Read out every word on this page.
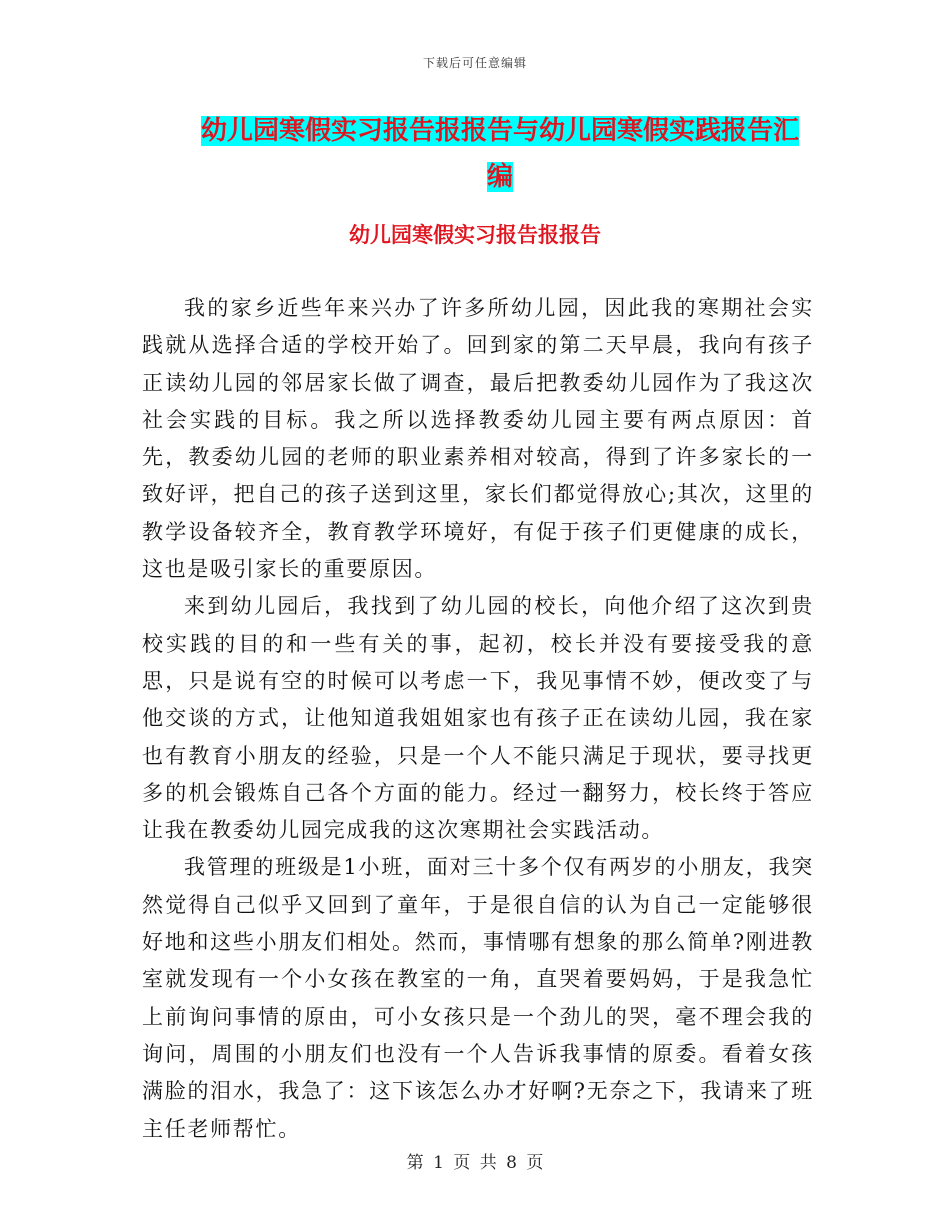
下载后可任意编辑
幼儿园寒假实习报告报报告与幼儿园寒假实践报告汇编
幼儿园寒假实习报告报报告

我的家乡近些年来兴办了许多所幼儿园，因此我的寒期社会实践就从选择合适的学校开始了。回到家的第二天早晨，我向有孩子正读幼儿园的邻居家长做了调查，最后把教委幼儿园作为了我这次社会实践的目标。我之所以选择教委幼儿园主要有两点原因：首先，教委幼儿园的老师的职业素养相对较高，得到了许多家长的一致好评，把自己的孩子送到这里，家长们都觉得放心;其次，这里的教学设备较齐全，教育教学环境好，有促于孩子们更健康的成长，这也是吸引家长的重要原因。

来到幼儿园后，我找到了幼儿园的校长，向他介绍了这次到贵校实践的目的和一些有关的事，起初，校长并没有要接受我的意思，只是说有空的时候可以考虑一下，我见事情不妙，便改变了与他交谈的方式，让他知道我姐姐家也有孩子正在读幼儿园，我在家也有教育小朋友的经验，只是一个人不能只满足于现状，要寻找更多的机会锻炼自己各个方面的能力。经过一翻努力，校长终于答应让我在教委幼儿园完成我的这次寒期社会实践活动。

我管理的班级是1小班，面对三十多个仅有两岁的小朋友，我突然觉得自己似乎又回到了童年，于是很自信的认为自己一定能够很好地和这些小朋友们相处。然而，事情哪有想象的那么简单?刚进教室就发现有一个小女孩在教室的一角，直哭着要妈妈，于是我急忙上前询问事情的原由，可小女孩只是一个劲儿的哭，毫不理会我的询问，周围的小朋友们也没有一个人告诉我事情的原委。看着女孩满脸的泪水，我急了：这下该怎么办才好啊?无奈之下，我请来了班主任老师帮忙。

第 1 页 共 8 页
